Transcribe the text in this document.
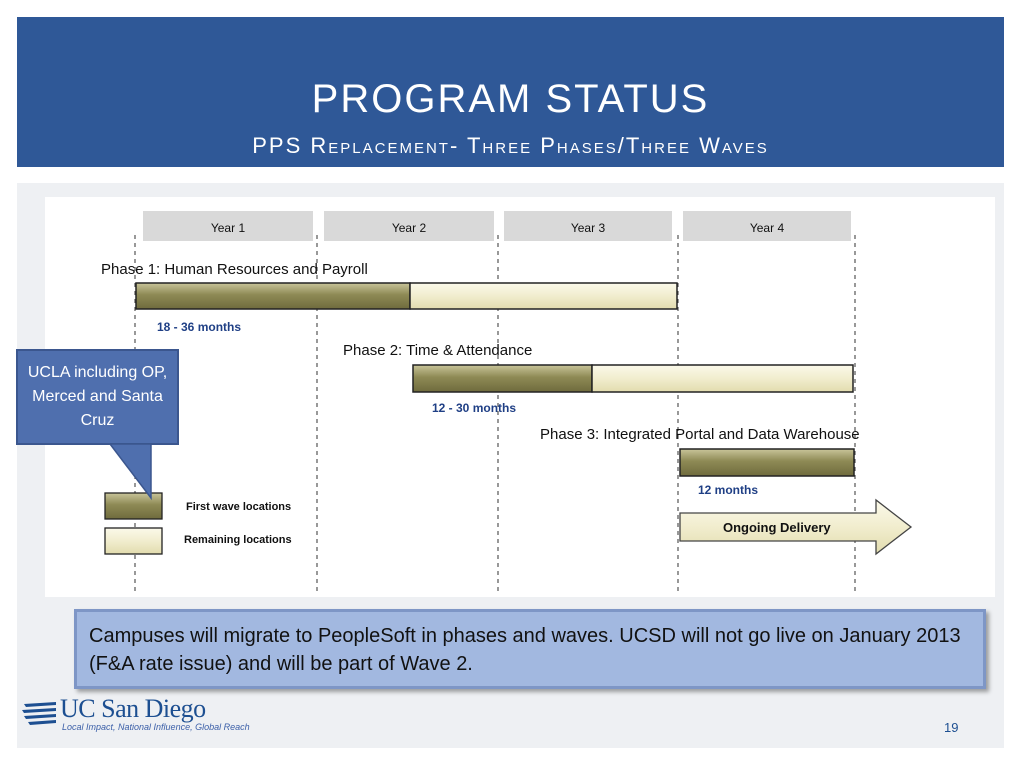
PROGRAM STATUS
PPS Replacement- Three Phases/Three Waves
Year 1	Year 2	Year 3	Year 4
Phase 1: Human Resources and Payroll
18 - 36 months
Phase 2: Time & Attendance
12 - 30 months
Phase 3: Integrated Portal and Data Warehouse
12 months
Ongoing Delivery
First wave locations
Remaining locations
UCLA including OP, Merced and Santa Cruz
Campuses will migrate to PeopleSoft in phases and waves. UCSD will not go live on January 2013 (F&A rate issue) and will be part of Wave 2.
UC San Diego
Local Impact, National Influence, Global Reach	19
